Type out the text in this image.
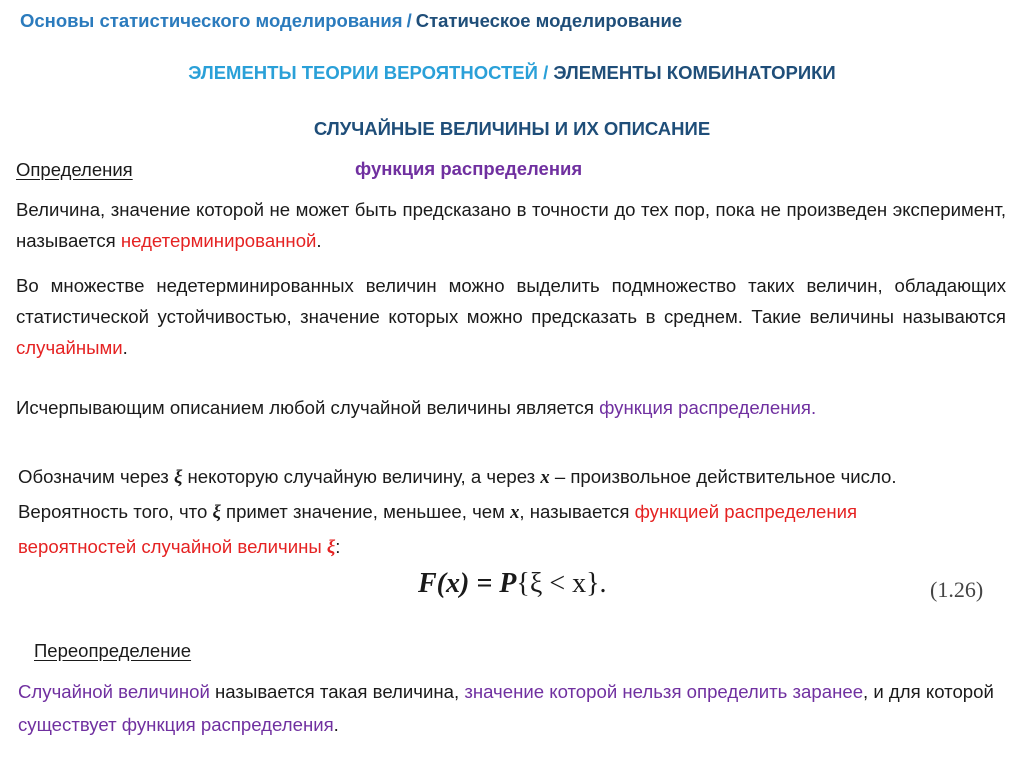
Основы статистического моделирования / Статическое моделирование
ЭЛЕМЕНТЫ ТЕОРИИ ВЕРОЯТНОСТЕЙ / ЭЛЕМЕНТЫ КОМБИНАТОРИКИ
СЛУЧАЙНЫЕ ВЕЛИЧИНЫ И ИХ ОПИСАНИЕ
Определения	функция распределения

Величина, значение которой не может быть предсказано в точности до тех пор, пока не произведен эксперимент, называется недетерминированной.

Во множестве недетерминированных величин можно выделить подмножество таких величин, обладающих статистической устойчивостью, значение которых можно предсказать в среднем. Такие величины называются случайными.

Исчерпывающим описанием любой случайной величины является функция распределения.

Обозначим через ξ некоторую случайную величину, а через x – произвольное действительное число. Вероятность того, что ξ примет значение, меньшее, чем x, называется функцией распределения вероятностей случайной величины ξ:

F(x) = P{ξ < x}.	(1.26)
Переопределение

Случайной величиной называется такая величина, значение которой нельзя определить заранее, и для которой существует функция распределения.
